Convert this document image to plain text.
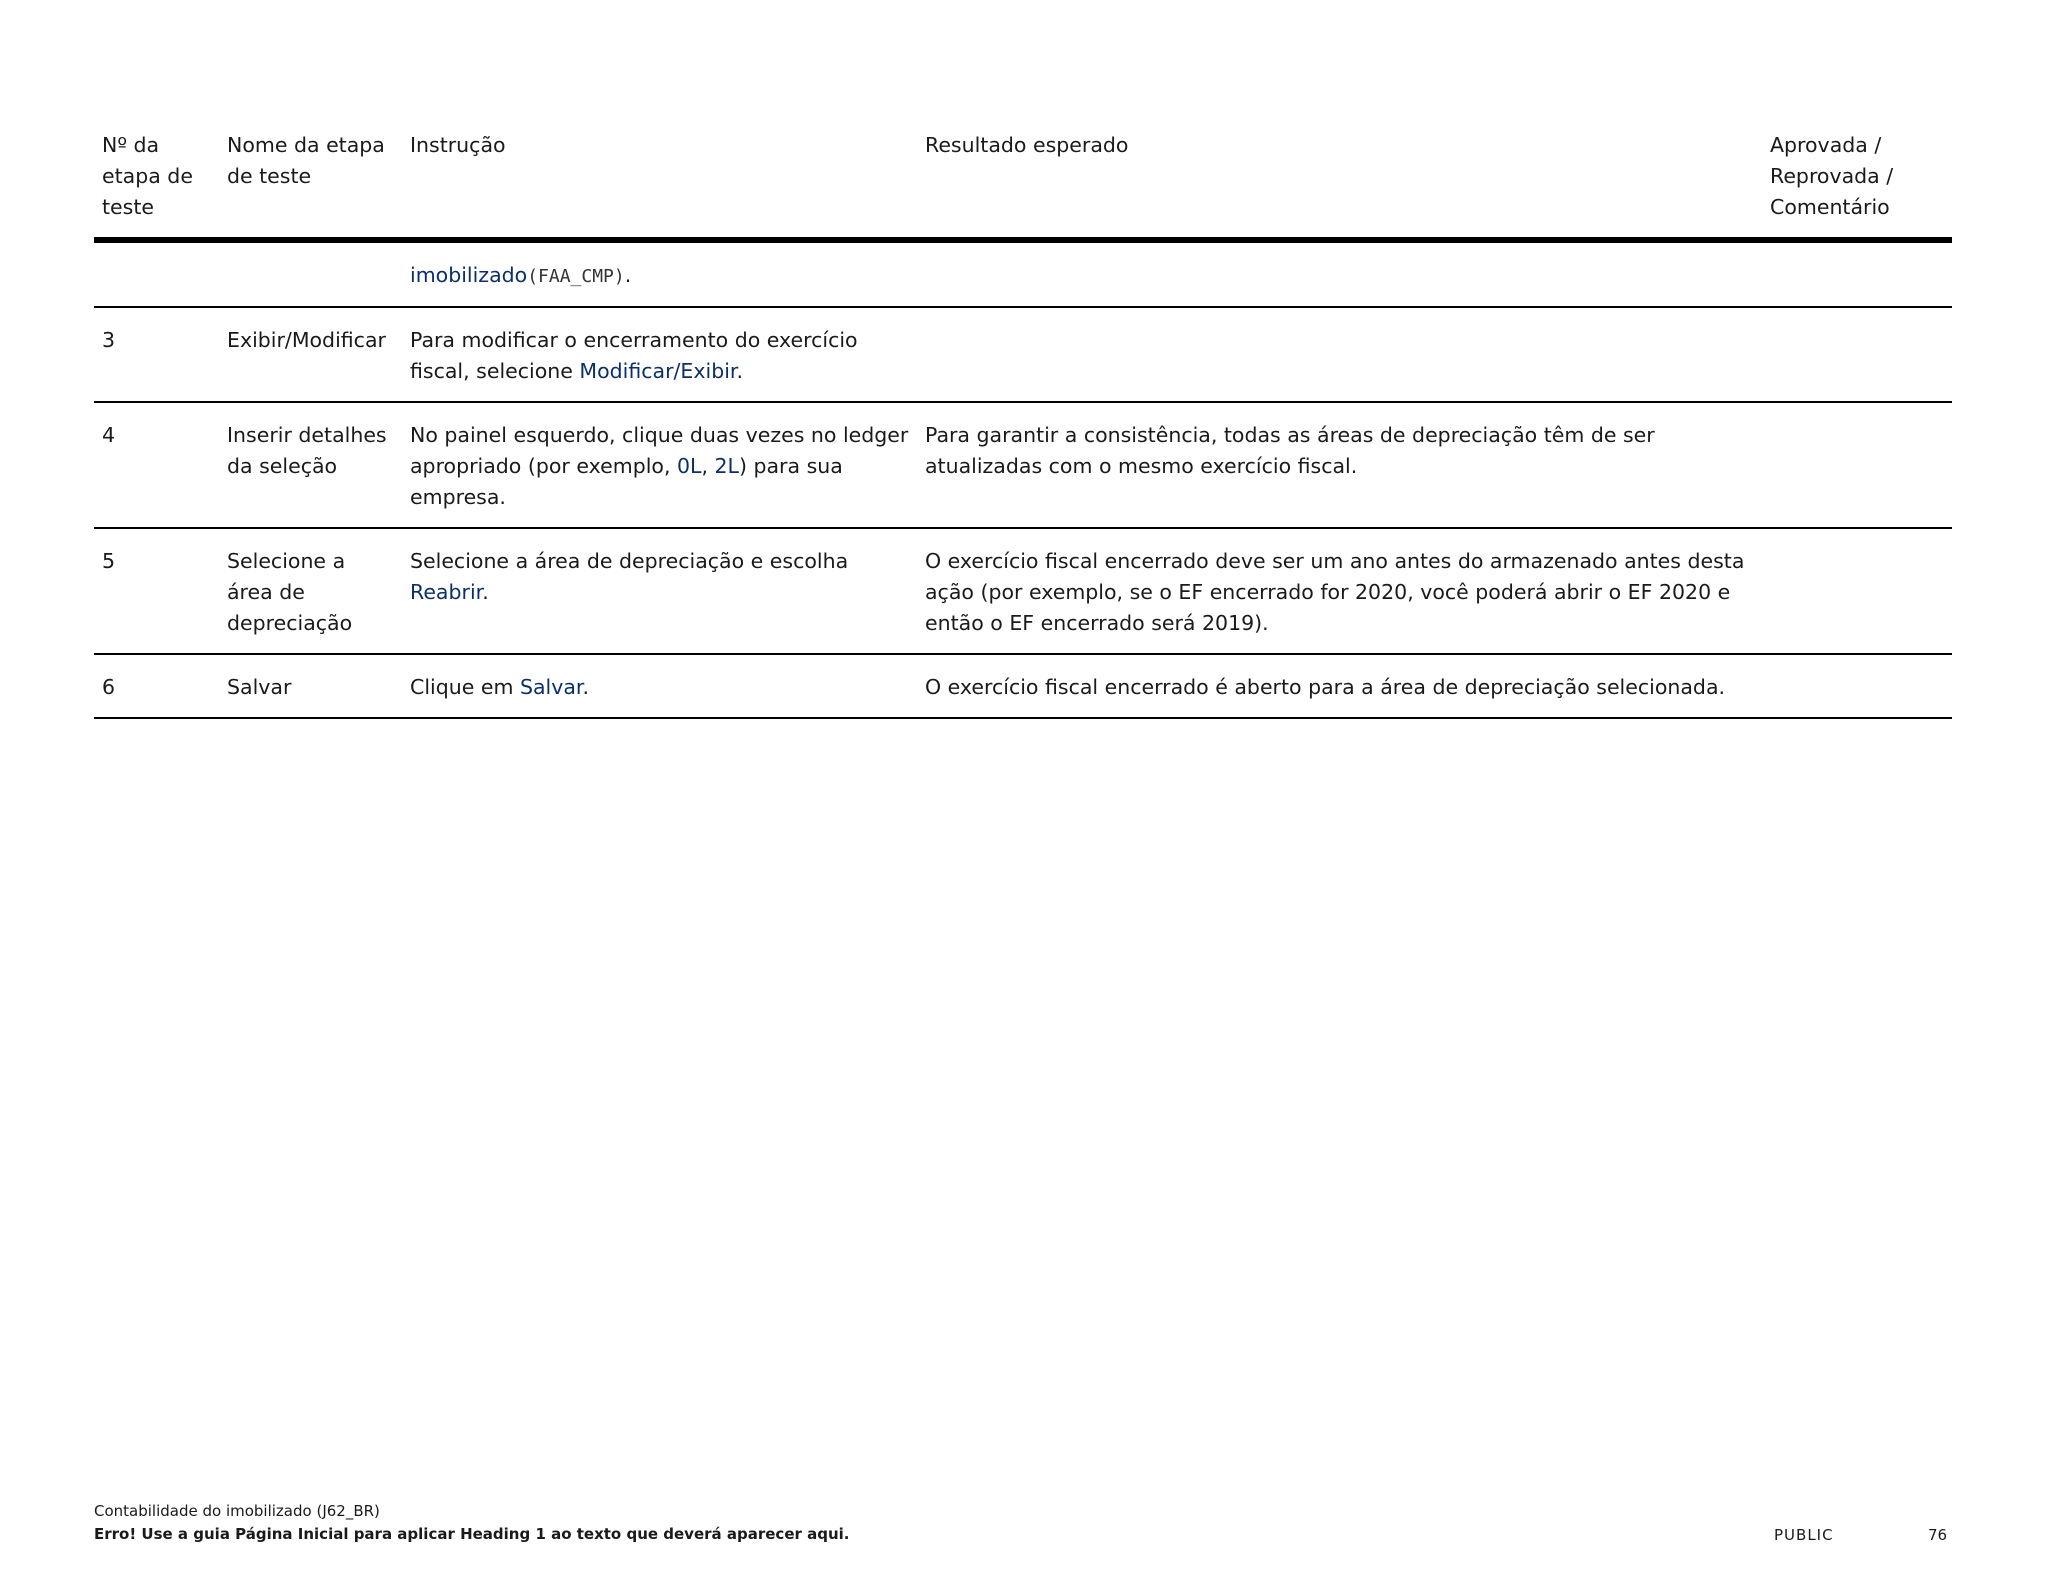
Nº da etapa de teste	Nome da etapa de teste	Instrução	Resultado esperado	Aprovada / Reprovada / Comentário
		imobilizado(FAA_CMP).		
3	Exibir/Modificar	Para modificar o encerramento do exercício fiscal, selecione Modificar/Exibir.		
4	Inserir detalhes da seleção	No painel esquerdo, clique duas vezes no ledger apropriado (por exemplo, 0L, 2L) para sua empresa.	Para garantir a consistência, todas as áreas de depreciação têm de ser atualizadas com o mesmo exercício fiscal.	
5	Selecione a área de depreciação	Selecione a área de depreciação e escolha Reabrir.	O exercício fiscal encerrado deve ser um ano antes do armazenado antes desta ação (por exemplo, se o EF encerrado for 2020, você poderá abrir o EF 2020 e então o EF encerrado será 2019).	
6	Salvar	Clique em Salvar.	O exercício fiscal encerrado é aberto para a área de depreciação selecionada.	
Contabilidade do imobilizado (J62_BR)
Erro! Use a guia Página Inicial para aplicar Heading 1 ao texto que deverá aparecer aqui.	PUBLIC	76
